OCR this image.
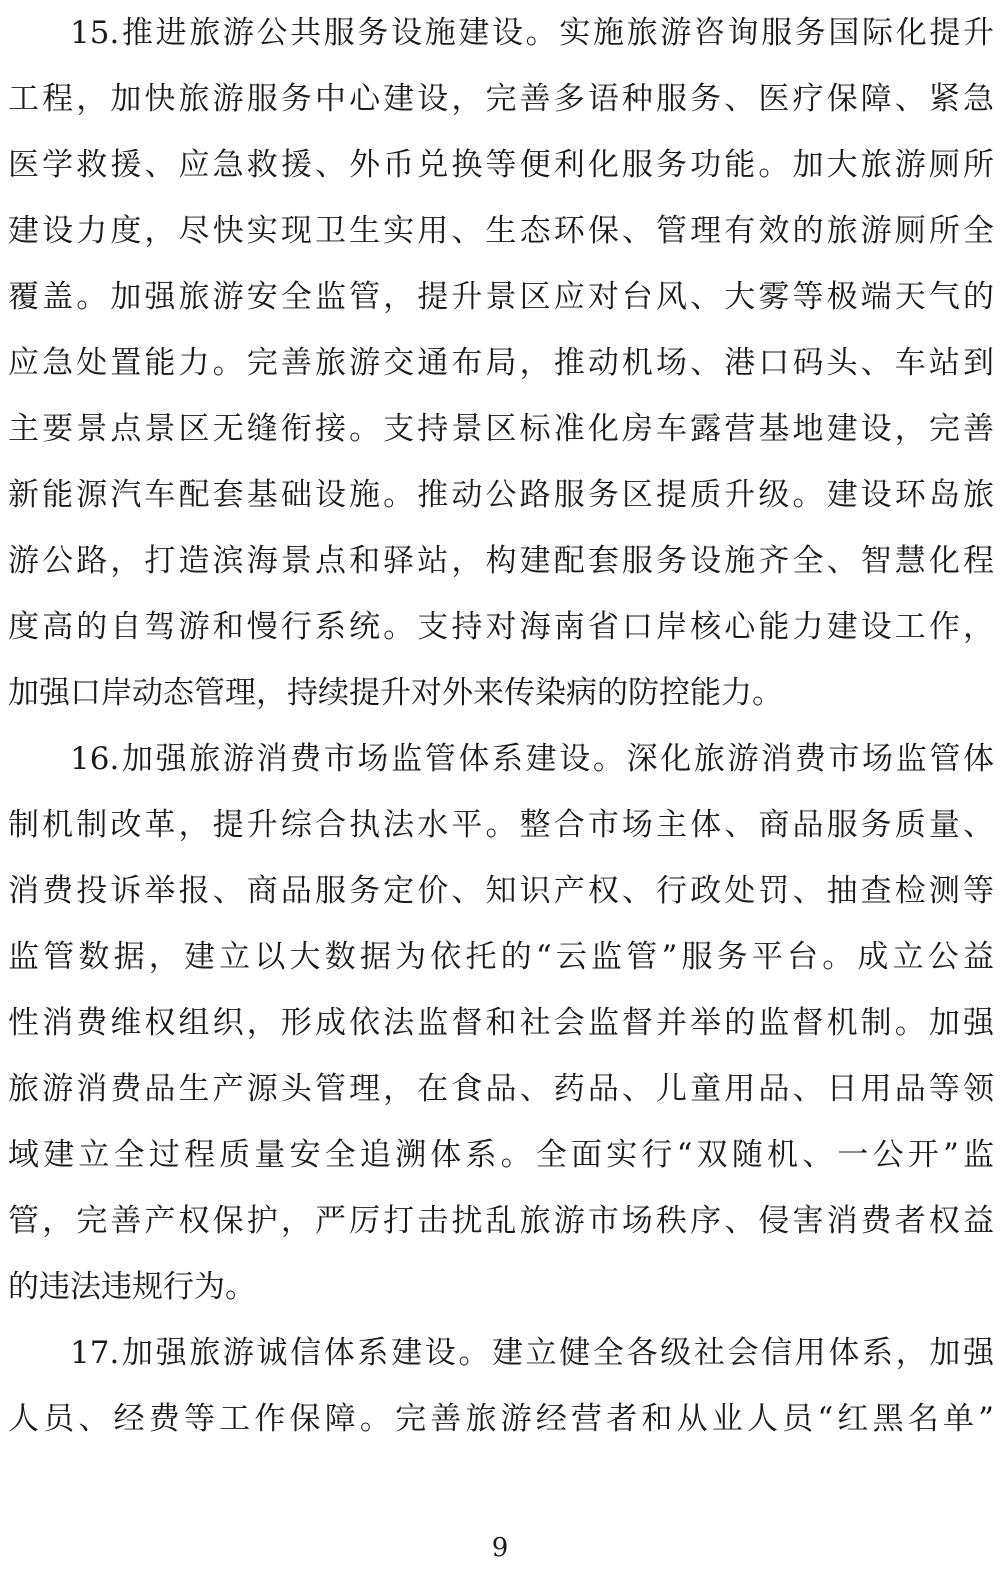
15.推进旅游公共服务设施建设。实施旅游咨询服务国际化提升
工程，加快旅游服务中心建设，完善多语种服务、医疗保障、紧急
医学救援、应急救援、外币兑换等便利化服务功能。加大旅游厕所
建设力度，尽快实现卫生实用、生态环保、管理有效的旅游厕所全
覆盖。加强旅游安全监管，提升景区应对台风、大雾等极端天气的
应急处置能力。完善旅游交通布局，推动机场、港口码头、车站到
主要景点景区无缝衔接。支持景区标准化房车露营基地建设，完善
新能源汽车配套基础设施。推动公路服务区提质升级。建设环岛旅
游公路，打造滨海景点和驿站，构建配套服务设施齐全、智慧化程
度高的自驾游和慢行系统。支持对海南省口岸核心能力建设工作，
加强口岸动态管理，持续提升对外来传染病的防控能力。
16.加强旅游消费市场监管体系建设。深化旅游消费市场监管体
制机制改革，提升综合执法水平。整合市场主体、商品服务质量、
消费投诉举报、商品服务定价、知识产权、行政处罚、抽查检测等
监管数据，建立以大数据为依托的“云监管”服务平台。成立公益
性消费维权组织，形成依法监督和社会监督并举的监督机制。加强
旅游消费品生产源头管理，在食品、药品、儿童用品、日用品等领
域建立全过程质量安全追溯体系。全面实行“双随机、一公开”监
管，完善产权保护，严厉打击扰乱旅游市场秩序、侵害消费者权益
的违法违规行为。
17.加强旅游诚信体系建设。建立健全各级社会信用体系，加强
人员、经费等工作保障。完善旅游经营者和从业人员“红黑名单”
9
